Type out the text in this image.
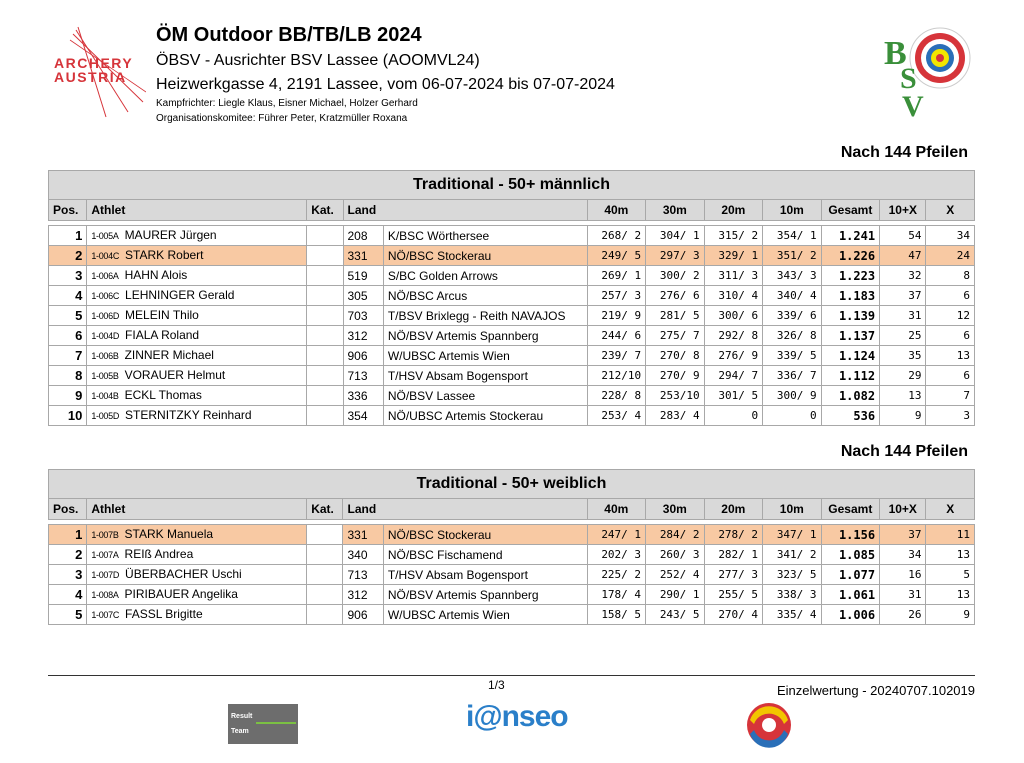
ARCHERY
AUSTRIA
ÖM Outdoor BB/TB/LB 2024
ÖBSV - Ausrichter BSV Lassee (AOOMVL24)
Heizwerkgasse 4, 2191 Lassee, vom 06-07-2024 bis 07-07-2024
Kampfrichter: Liegle Klaus, Eisner Michael, Holzer Gerhard
Organisationskomitee: Führer Peter, Kratzmüller Roxana
B
S
V
Nach 144 Pfeilen
Traditional - 50+ männlich											
Pos.	Athlet	Kat.	Land		40m	30m	20m	10m	Gesamt	10+X	X

1	1-005A MAURER Jürgen		208	K/BSC Wörthersee	268/ 2	304/ 1	315/ 2	354/ 1	1.241	54	34
2	1-004C STARK Robert		331	NÖ/BSC Stockerau	249/ 5	297/ 3	329/ 1	351/ 2	1.226	47	24
3	1-006A HAHN Alois		519	S/BC Golden Arrows	269/ 1	300/ 2	311/ 3	343/ 3	1.223	32	8
4	1-006C LEHNINGER Gerald		305	NÖ/BSC Arcus	257/ 3	276/ 6	310/ 4	340/ 4	1.183	37	6
5	1-006D MELEIN Thilo		703	T/BSV Brixlegg - Reith NAVAJOS	219/ 9	281/ 5	300/ 6	339/ 6	1.139	31	12
6	1-004D FIALA Roland		312	NÖ/BSV Artemis Spannberg	244/ 6	275/ 7	292/ 8	326/ 8	1.137	25	6
7	1-006B ZINNER Michael		906	W/UBSC Artemis Wien	239/ 7	270/ 8	276/ 9	339/ 5	1.124	35	13
8	1-005B VORAUER Helmut		713	T/HSV Absam Bogensport	212/10	270/ 9	294/ 7	336/ 7	1.112	29	6
9	1-004B ECKL Thomas		336	NÖ/BSV Lassee	228/ 8	253/10	301/ 5	300/ 9	1.082	13	7
10	1-005D STERNITZKY Reinhard		354	NÖ/UBSC Artemis Stockerau	253/ 4	283/ 4	0	0	536	9	3
Nach 144 Pfeilen
Traditional - 50+ weiblich											
Pos.	Athlet	Kat.	Land		40m	30m	20m	10m	Gesamt	10+X	X

1	1-007B STARK Manuela		331	NÖ/BSC Stockerau	247/ 1	284/ 2	278/ 2	347/ 1	1.156	37	11
2	1-007A REIß Andrea		340	NÖ/BSC Fischamend	202/ 3	260/ 3	282/ 1	341/ 2	1.085	34	13
3	1-007D ÜBERBACHER Uschi		713	T/HSV Absam Bogensport	225/ 2	252/ 4	277/ 3	323/ 5	1.077	16	5
4	1-008A PIRIBAUER Angelika		312	NÖ/BSV Artemis Spannberg	178/ 4	290/ 1	255/ 5	338/ 3	1.061	31	13
5	1-007C FASSL Brigitte		906	W/UBSC Artemis Wien	158/ 5	243/ 5	270/ 4	335/ 4	1.006	26	9
1/3	Einzelwertung - 20240707.102019
Result
Team	i@nseo
